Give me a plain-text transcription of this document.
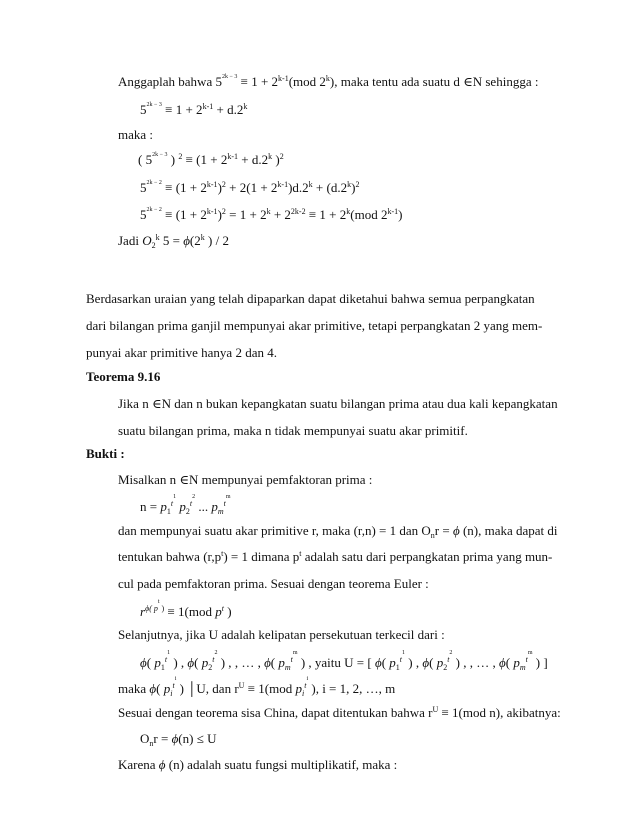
Anggaplah bahwa $5^{2k - 3} \equiv 1 + 2^{k-1}(mod$ 2$^k$), maka tentu ada suatu d ∈N sehingga :
$5^{2k - 3} \equiv 1 + 2^{k-1} + d.2^k$
maka :
( $5^{2k - 3}$ ) $^2 \equiv (1 + 2^{k-1} + d.2^k$ )$^2$
$5^{2k - 2} \equiv (1 + 2^{k-1})^2 + 2(1 + 2^{k-1})d.2^k + (d.2^k)^2$
$5^{2k - 2} \equiv (1 + 2^{k-1})^2 = 1 + 2^k + 2^{2k-2} \equiv 1 + 2^k(mod$ 2$^{k-1}$)
Jadi $O_2^k$ $5 = \phi(2^k$ ) / 2
Berdasarkan uraian yang telah dipaparkan dapat diketahui bahwa semua perpangkatan
dari bilangan prima ganjil mempunyai akar primitive, tetapi perpangkatan 2 yang mem-
punyai akar primitive hanya 2 dan 4.
Teorema 9.16
Jika n ∈N dan n bukan kepangkatan suatu bilangan prima atau dua kali kepangkatan
suatu bilangan prima, maka n tidak mempunyai suatu akar primitif.
Bukti :
Misalkan n ∈N mempunyai pemfaktoran prima :
$n = p_1^{t^1}$ $p_2^{t^2}$ ... $p_m^{t^m}$
dan mempunyai suatu akar primitive r, maka (r,n) = 1 dan $O_nr = \phi$ (n), maka dapat di
tentukan bahwa $(r,p^t) = 1$ dimana $p^t$ adalah satu dari perpangkatan prima yang mun-
cul pada pemfaktoran prima. Sesuai dengan teorema Euler :
$r^{\phi( p^t )} \equiv 1(mod$ $p^t$ )
Selanjutnya, jika U adalah kelipatan persekutuan terkecil dari :
ϕ( $p_1^{t^1}$ ) , ϕ( $p_2^{t^2}$ ) , , … , ϕ( $p_m^{t^m}$ ) , yaitu U = [ ϕ( $p_1^{t^1}$ ) , ϕ( $p_2^{t^2}$ ) , , … , ϕ( $p_m^{t^m}$ ) ]
maka ϕ( $p_i^{t^i}$ ) │U, dan $r^U \equiv 1(mod$ $p_i^{t^i}$ ), i = 1, 2, …, m
Sesuai dengan teorema sisa China, dapat ditentukan bahwa $r^U \equiv 1(mod$ n), akibatnya:
$O_nr = \phi(n) \le U$
Karena ϕ (n) adalah suatu fungsi multiplikatif, maka :
